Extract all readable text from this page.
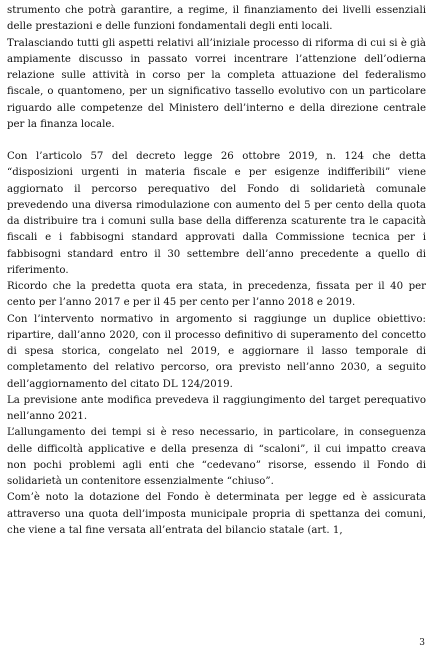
strumento che potrà garantire, a regime, il finanziamento dei livelli essenziali delle prestazioni e delle funzioni fondamentali degli enti locali.

Tralasciando tutti gli aspetti relativi all’iniziale processo di riforma di cui si è già ampiamente discusso in passato vorrei incentrare l’attenzione dell’odierna relazione sulle attività in corso per la completa attuazione del federalismo fiscale, o quantomeno, per un significativo tassello evolutivo con un particolare riguardo alle competenze del Ministero dell’interno e della direzione centrale per la finanza locale.

Con l’articolo 57 del decreto legge 26 ottobre 2019, n. 124 che detta “disposizioni urgenti in materia fiscale e per esigenze indifferibili” viene aggiornato il percorso perequativo del Fondo di solidarietà comunale prevedendo una diversa rimodulazione con aumento del 5 per cento della quota da distribuire tra i comuni sulla base della differenza scaturente tra le capacità fiscali e i fabbisogni standard approvati dalla Commissione tecnica per i fabbisogni standard entro il 30 settembre dell’anno precedente a quello di riferimento.

Ricordo che la predetta quota era stata, in precedenza, fissata per il 40 per cento per l’anno 2017 e per il 45 per cento per l’anno 2018 e 2019.

Con l’intervento normativo in argomento si raggiunge un duplice obiettivo: ripartire, dall’anno 2020, con il processo definitivo di superamento del concetto di spesa storica, congelato nel 2019, e aggiornare il lasso temporale di completamento del relativo percorso, ora previsto nell’anno 2030, a seguito dell’aggiornamento del citato DL 124/2019.

La previsione ante modifica prevedeva il raggiungimento del target perequativo nell’anno 2021.

L’allungamento dei tempi si è reso necessario, in particolare, in conseguenza delle difficoltà applicative e della presenza di “scaloni”, il cui impatto creava non pochi problemi agli enti che “cedevano” risorse, essendo il Fondo di solidarietà un contenitore essenzialmente “chiuso”.

Com’è noto la dotazione del Fondo è determinata per legge ed è assicurata attraverso una quota dell’imposta municipale propria di spettanza dei comuni, che viene a tal fine versata all’entrata del bilancio statale (art. 1,

3
